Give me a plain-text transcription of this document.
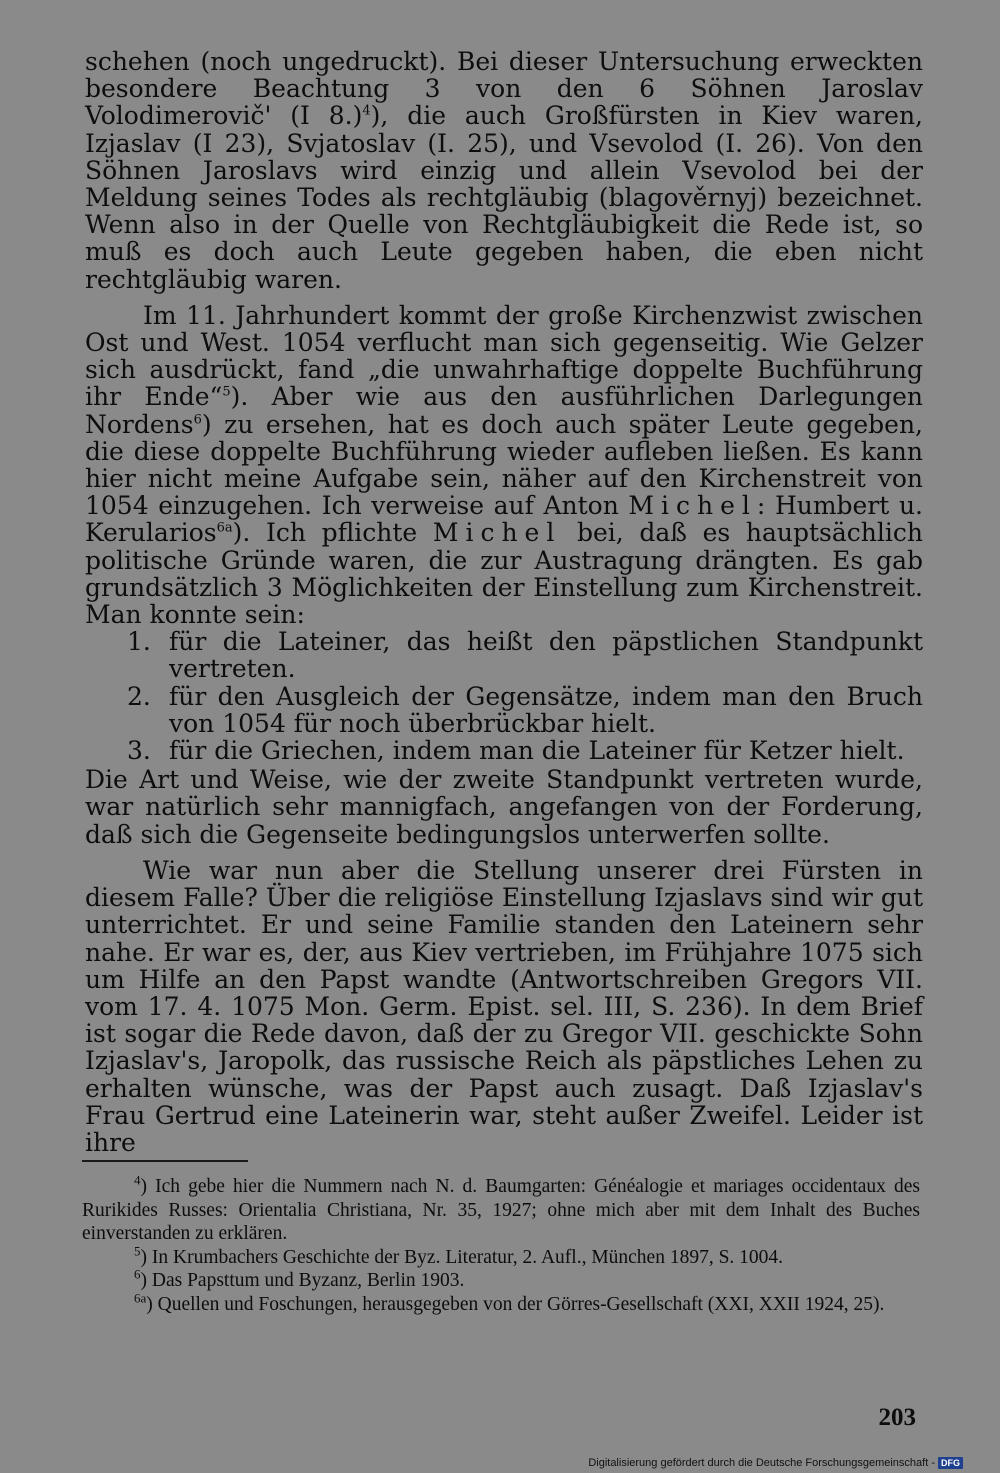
schehen (noch ungedruckt). Bei dieser Untersuchung erweckten besondere Beachtung 3 von den 6 Söhnen Jaroslav Volodimerovič' (I 8.)$^4$), die auch Großfürsten in Kiev waren, Izjaslav (I 23), Svjatoslav (I. 25), und Vsevolod (I. 26). Von den Söhnen Jaroslavs wird einzig und allein Vsevolod bei der Meldung seines Todes als rechtgläubig (blagověrnyj) bezeichnet. Wenn also in der Quelle von Rechtgläubigkeit die Rede ist, so muß es doch auch Leute gegeben haben, die eben nicht rechtgläubig waren.

Im 11. Jahrhundert kommt der große Kirchenzwist zwischen Ost und West. 1054 verflucht man sich gegenseitig. Wie Gelzer sich ausdrückt, fand „die unwahrhaftige doppelte Buchführung ihr Ende“$^5$). Aber wie aus den ausführlichen Darlegungen Nordens$^6$) zu ersehen, hat es doch auch später Leute gegeben, die diese doppelte Buchführung wieder aufleben ließen. Es kann hier nicht meine Aufgabe sein, näher auf den Kirchenstreit von 1054 einzugehen. Ich verweise auf Anton Michel: Humbert u. Kerularios$^{6a}$). Ich pflichte Michel bei, daß es hauptsächlich politische Gründe waren, die zur Austragung drängten. Es gab grundsätzlich 3 Möglichkeiten der Einstellung zum Kirchenstreit. Man konnte sein:

1. für die Lateiner, das heißt den päpstlichen Standpunkt vertreten.
2. für den Ausgleich der Gegensätze, indem man den Bruch von 1054 für noch überbrückbar hielt.
3. für die Griechen, indem man die Lateiner für Ketzer hielt.

Die Art und Weise, wie der zweite Standpunkt vertreten wurde, war natürlich sehr mannigfach, angefangen von der Forderung, daß sich die Gegenseite bedingungslos unterwerfen sollte.

Wie war nun aber die Stellung unserer drei Fürsten in diesem Falle? Über die religiöse Einstellung Izjaslavs sind wir gut unterrichtet. Er und seine Familie standen den Lateinern sehr nahe. Er war es, der, aus Kiev vertrieben, im Frühjahre 1075 sich um Hilfe an den Papst wandte (Antwortschreiben Gregors VII. vom 17. 4. 1075 Mon. Germ. Epist. sel. III, S. 236). In dem Brief ist sogar die Rede davon, daß der zu Gregor VII. geschickte Sohn Izjaslav's, Jaropolk, das russische Reich als päpstliches Lehen zu erhalten wünsche, was der Papst auch zusagt. Daß Izjaslav's Frau Gertrud eine Lateinerin war, steht außer Zweifel. Leider ist ihre

$^4$) Ich gebe hier die Nummern nach N. d. Baumgarten: Généalogie et mariages occidentaux des Rurikides Russes: Orientalia Christiana, Nr. 35, 1927; ohne mich aber mit dem Inhalt des Buches einverstanden zu erklären.

$^5$) In Krumbachers Geschichte der Byz. Literatur, 2. Aufl., München 1897, S. 1004.

$^6$) Das Papsttum und Byzanz, Berlin 1903.

$^{6a}$) Quellen und Foschungen, herausgegeben von der Görres-Gesellschaft (XXI, XXII 1924, 25).

203
Digitalisierung gefördert durch die Deutsche Forschungsgemeinschaft - DFG
